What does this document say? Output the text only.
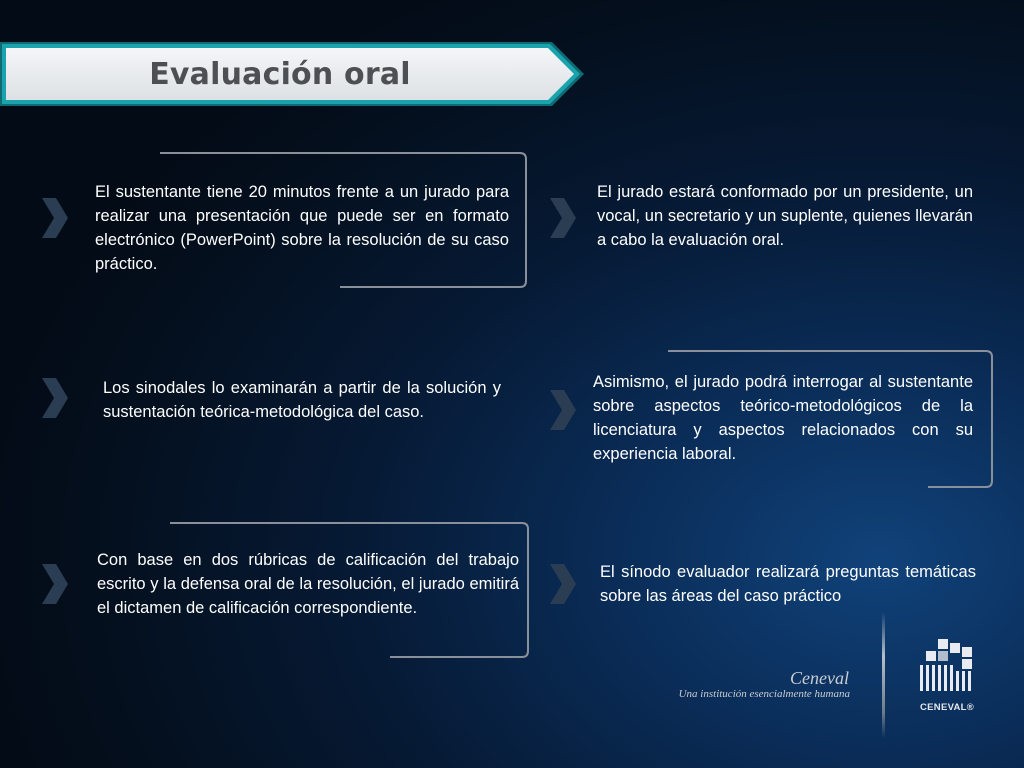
Evaluación oral
El sustentante tiene 20 minutos frente a un jurado para realizar una presentación que puede ser en formato electrónico (PowerPoint) sobre la resolución de su caso práctico.
El jurado estará conformado por un presidente, un vocal, un secretario y un suplente, quienes llevarán a cabo la evaluación oral.
Los sinodales lo examinarán a partir de la solución y sustentación teórica-metodológica del caso.
Asimismo, el jurado podrá interrogar al sustentante sobre aspectos teórico-metodológicos de la licenciatura y aspectos relacionados con su experiencia laboral.
Con base en dos rúbricas de calificación del trabajo escrito y la defensa oral de la resolución, el jurado emitirá el dictamen de calificación correspondiente.
El sínodo evaluador realizará preguntas temáticas sobre las áreas del caso práctico
Ceneval
Una institución esencialmente humana
CENEVAL®
